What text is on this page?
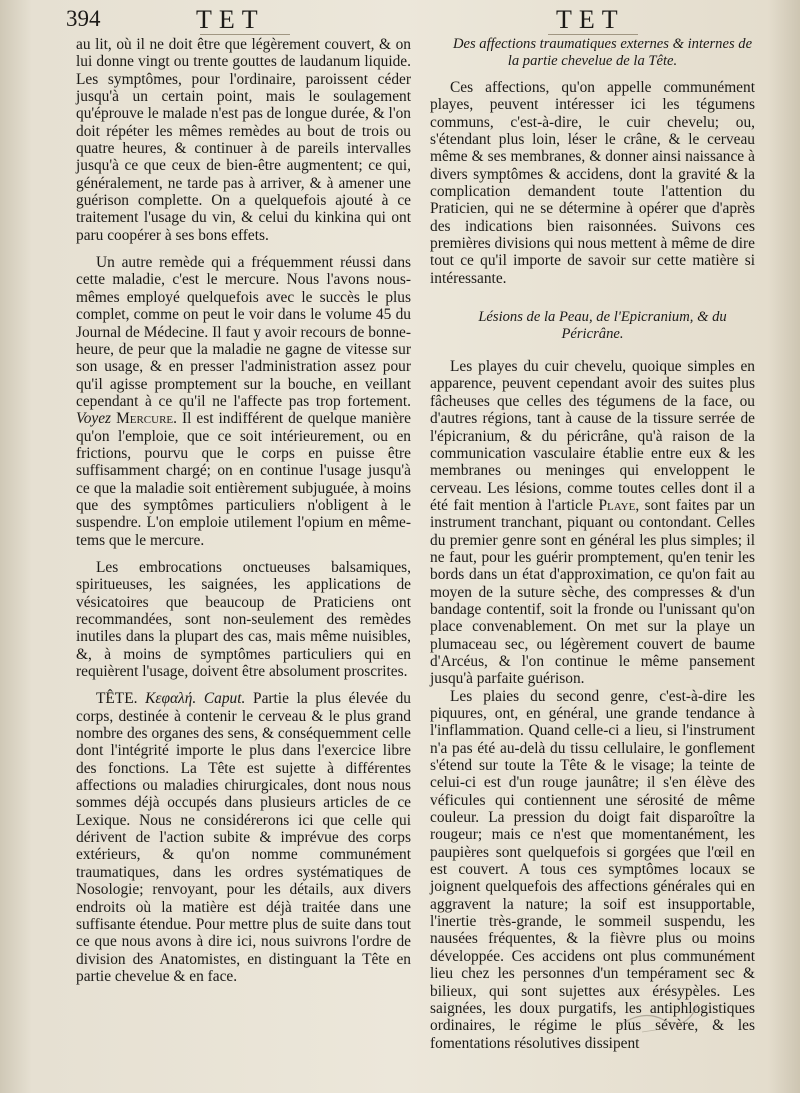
394	TET	TET

au lit, où il ne doit être que légèrement couvert, & on lui donne vingt ou trente gouttes de laudanum liquide. Les symptômes, pour l'ordinaire, paroissent céder jusqu'à un certain point, mais le soulagement qu'éprouve le malade n'est pas de longue durée, & l'on doit répéter les mêmes remèdes au bout de trois ou quatre heures, & continuer à de pareils intervalles jusqu'à ce que ceux de bien-être augmentent; ce qui, généralement, ne tarde pas à arriver, & à amener une guérison complette. On a quelquefois ajouté à ce traitement l'usage du vin, & celui du kinkina qui ont paru coopérer à ses bons effets.

Un autre remède qui a fréquemment réussi dans cette maladie, c'est le mercure. Nous l'avons nous-mêmes employé quelquefois avec le succès le plus complet, comme on peut le voir dans le volume 45 du Journal de Médecine. Il faut y avoir recours de bonne-heure, de peur que la maladie ne gagne de vitesse sur son usage, & en presser l'administration assez pour qu'il agisse promptement sur la bouche, en veillant cependant à ce qu'il ne l'affecte pas trop fortement. Voyez Mercure. Il est indifférent de quelque manière qu'on l'emploie, que ce soit intérieurement, ou en frictions, pourvu que le corps en puisse être suffisamment chargé; on en continue l'usage jusqu'à ce que la maladie soit entièrement subjuguée, à moins que des symptômes particuliers n'obligent à le suspendre. L'on emploie utilement l'opium en même-tems que le mercure.

Les embrocations onctueuses balsamiques, spiritueuses, les saignées, les applications de vésicatoires que beaucoup de Praticiens ont recommandées, sont non-seulement des remèdes inutiles dans la plupart des cas, mais même nuisibles, &, à moins de symptômes particuliers qui en requièrent l'usage, doivent être absolument proscrites.

TÊTE. Κεφαλή. Caput. Partie la plus élevée du corps, destinée à contenir le cerveau & le plus grand nombre des organes des sens, & conséquemment celle dont l'intégrité importe le plus dans l'exercice libre des fonctions. La Tête est sujette à différentes affections ou maladies chirurgicales, dont nous nous sommes déjà occupés dans plusieurs articles de ce Lexique. Nous ne considérerons ici que celle qui dérivent de l'action subite & imprévue des corps extérieurs, & qu'on nomme communément traumatiques, dans les ordres systématiques de Nosologie; renvoyant, pour les détails, aux divers endroits où la matière est déjà traitée dans une suffisante étendue. Pour mettre plus de suite dans tout ce que nous avons à dire ici, nous suivrons l'ordre de division des Anatomistes, en distinguant la Tête en partie chevelue & en face.

Des affections traumatiques externes & internes de la partie chevelue de la Tête.

Ces affections, qu'on appelle communément playes, peuvent intéresser ici les tégumens communs, c'est-à-dire, le cuir chevelu; ou, s'étendant plus loin, léser le crâne, & le cerveau même & ses membranes, & donner ainsi naissance à divers symptômes & accidens, dont la gravité & la complication demandent toute l'attention du Praticien, qui ne se détermine à opérer que d'après des indications bien raisonnées. Suivons ces premières divisions qui nous mettent à même de dire tout ce qu'il importe de savoir sur cette matière si intéressante.

Lésions de la Peau, de l'Epicranium, & du Péricrâne.

Les playes du cuir chevelu, quoique simples en apparence, peuvent cependant avoir des suites plus fâcheuses que celles des tégumens de la face, ou d'autres régions, tant à cause de la tissure serrée de l'épicranium, & du péricrâne, qu'à raison de la communication vasculaire établie entre eux & les membranes ou meninges qui enveloppent le cerveau. Les lésions, comme toutes celles dont il a été fait mention à l'article Playe, sont faites par un instrument tranchant, piquant ou contondant. Celles du premier genre sont en général les plus simples; il ne faut, pour les guérir promptement, qu'en tenir les bords dans un état d'approximation, ce qu'on fait au moyen de la suture sèche, des compresses & d'un bandage contentif, soit la fronde ou l'unissant qu'on place convenablement. On met sur la playe un plumaceau sec, ou légèrement couvert de baume d'Arcéus, & l'on continue le même pansement jusqu'à parfaite guérison.

Les plaies du second genre, c'est-à-dire les piquures, ont, en général, une grande tendance à l'inflammation. Quand celle-ci a lieu, si l'instrument n'a pas été au-delà du tissu cellulaire, le gonflement s'étend sur toute la Tête & le visage; la teinte de celui-ci est d'un rouge jaunâtre; il s'en élève des véficules qui contiennent une sérosité de même couleur. La pression du doigt fait disparoître la rougeur; mais ce n'est que momentanément, les paupières sont quelquefois si gorgées que l'œil en est couvert. A tous ces symptômes locaux se joignent quelquefois des affections générales qui en aggravent la nature; la soif est insupportable, l'inertie très-grande, le sommeil suspendu, les nausées fréquentes, & la fièvre plus ou moins développée. Ces accidens ont plus communément lieu chez les personnes d'un tempérament sec & bilieux, qui sont sujettes aux érésypèles. Les saignées, les doux purgatifs, les antiphlogistiques ordinaires, le régime le plus sévère, & les fomentations résolutives dissipent
